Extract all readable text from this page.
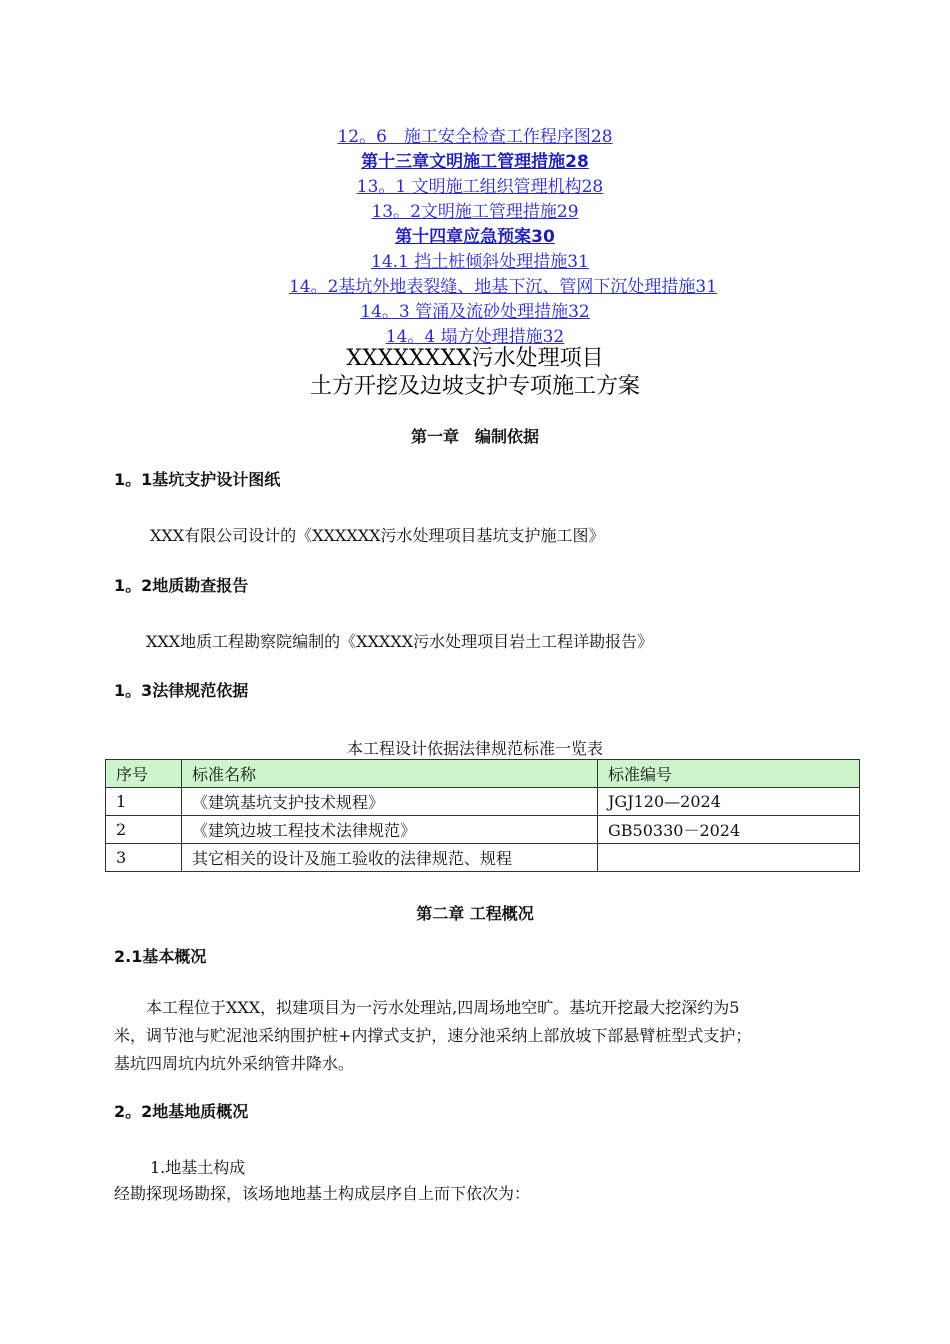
12。6　施工安全检查工作程序图28
第十三章文明施工管理措施28
13。1 文明施工组织管理机构28
13。2文明施工管理措施29
第十四章应急预案30
14.1 挡土桩倾斜处理措施31
14。2基坑外地表裂缝、地基下沉、管网下沉处理措施31
14。3 管涌及流砂处理措施32
14。4 塌方处理措施32
XXXXXXXX污水处理项目
土方开挖及边坡支护专项施工方案
第一章　编制依据
1。1基坑支护设计图纸
XXX有限公司设计的《XXXXXX污水处理项目基坑支护施工图》
1。2地质勘查报告
XXX地质工程勘察院编制的《XXXXX污水处理项目岩土工程详勘报告》
1。3法律规范依据
本工程设计依据法律规范标准一览表
序号	标准名称	标准编号
1	《建筑基坑支护技术规程》	JGJ120—2024
2	《建筑边坡工程技术法律规范》	GB50330－2024
3	其它相关的设计及施工验收的法律规范、规程	
第二章 工程概况
2.1基本概况
本工程位于XXX，拟建项目为一污水处理站,四周场地空旷。基坑开挖最大挖深约为5
米，调节池与贮泥池采纳围护桩+内撑式支护，速分池采纳上部放坡下部悬臂桩型式支护；
基坑四周坑内坑外采纳管井降水。
2。2地基地质概况
1.地基土构成
经勘探现场勘探，该场地地基土构成层序自上而下依次为：
